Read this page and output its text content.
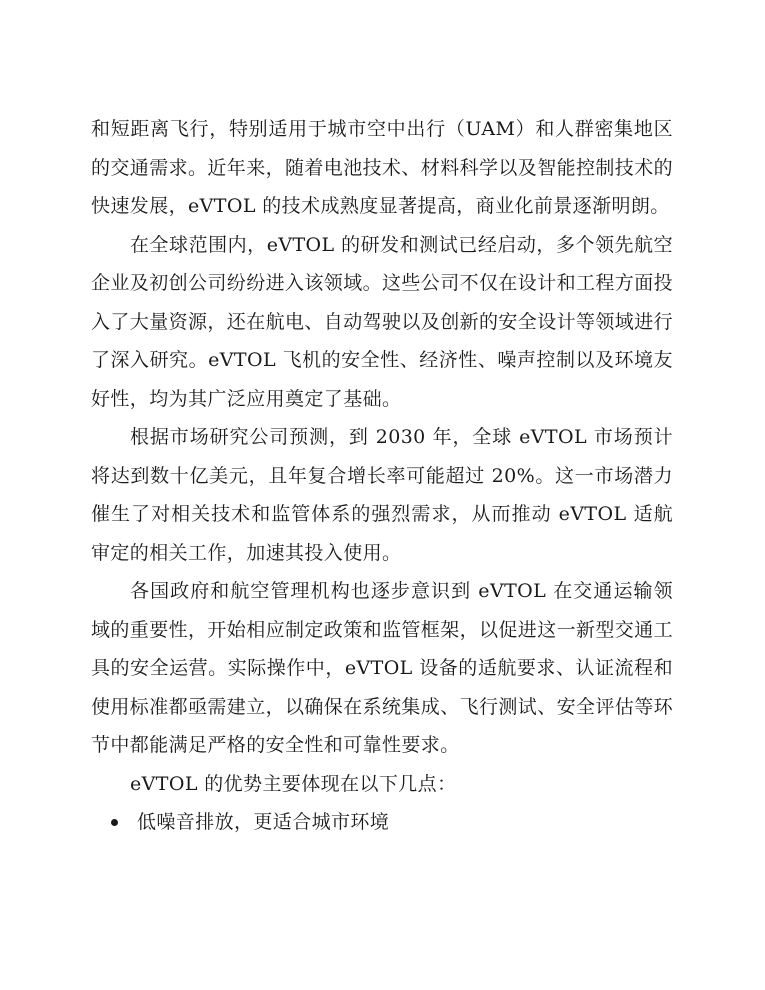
和短距离飞行，特别适用于城市空中出行（UAM）和人群密集地区的交通需求。近年来，随着电池技术、材料科学以及智能控制技术的快速发展，eVTOL 的技术成熟度显著提高，商业化前景逐渐明朗。

在全球范围内，eVTOL 的研发和测试已经启动，多个领先航空企业及初创公司纷纷进入该领域。这些公司不仅在设计和工程方面投入了大量资源，还在航电、自动驾驶以及创新的安全设计等领域进行了深入研究。eVTOL 飞机的安全性、经济性、噪声控制以及环境友好性，均为其广泛应用奠定了基础。

根据市场研究公司预测，到 2030 年，全球 eVTOL 市场预计将达到数十亿美元，且年复合增长率可能超过 20%。这一市场潜力催生了对相关技术和监管体系的强烈需求，从而推动 eVTOL 适航审定的相关工作，加速其投入使用。

各国政府和航空管理机构也逐步意识到 eVTOL 在交通运输领域的重要性，开始相应制定政策和监管框架，以促进这一新型交通工具的安全运营。实际操作中，eVTOL 设备的适航要求、认证流程和使用标准都亟需建立，以确保在系统集成、飞行测试、安全评估等环节中都能满足严格的安全性和可靠性要求。

eVTOL 的优势主要体现在以下几点：

低噪音排放，更适合城市环境
